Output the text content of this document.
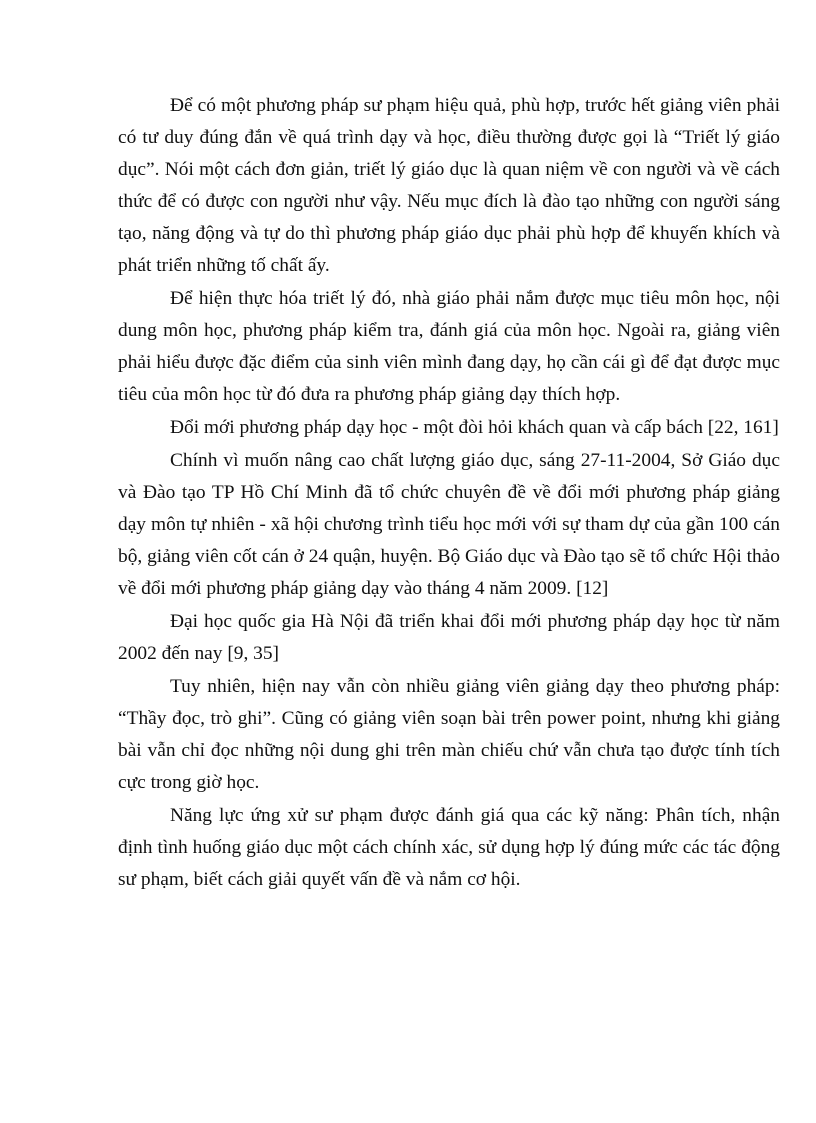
Để có một phương pháp sư phạm hiệu quả, phù hợp, trước hết giảng viên phải có tư duy đúng đắn về quá trình dạy và học, điều thường được gọi là “Triết lý giáo dục”. Nói một cách đơn giản, triết lý giáo dục là quan niệm về con người và về cách thức để có được con người như vậy. Nếu mục đích là đào tạo những con người sáng tạo, năng động và tự do thì phương pháp giáo dục phải phù hợp để khuyến khích và phát triển những tố chất ấy.

Để hiện thực hóa triết lý đó, nhà giáo phải nắm được mục tiêu môn học, nội dung môn học, phương pháp kiểm tra, đánh giá của môn học. Ngoài ra, giảng viên phải hiểu được đặc điểm của sinh viên mình đang dạy, họ cần cái gì để đạt được mục tiêu của môn học từ đó đưa ra phương pháp giảng dạy thích hợp.

Đổi mới phương pháp dạy học - một đòi hỏi khách quan và cấp bách [22, 161]

Chính vì muốn nâng cao chất lượng giáo dục, sáng 27-11-2004, Sở Giáo dục và Đào tạo TP Hồ Chí Minh đã tổ chức chuyên đề về đổi mới phương pháp giảng dạy môn tự nhiên - xã hội chương trình tiểu học mới với sự tham dự của gần 100 cán bộ, giảng viên cốt cán ở 24 quận, huyện. Bộ Giáo dục và Đào tạo sẽ tổ chức Hội thảo về đổi mới phương pháp giảng dạy vào tháng 4 năm 2009. [12]

Đại học quốc gia Hà Nội đã triển khai đổi mới phương pháp dạy học từ năm 2002 đến nay [9, 35]

Tuy nhiên, hiện nay vẫn còn nhiều giảng viên giảng dạy theo phương pháp: “Thầy đọc, trò ghi”. Cũng có giảng viên soạn bài trên power point, nhưng khi giảng bài vẫn chỉ đọc những nội dung ghi trên màn chiếu chứ vẫn chưa tạo được tính tích cực trong giờ học.

Năng lực ứng xử sư phạm được đánh giá qua các kỹ năng: Phân tích, nhận định tình huống giáo dục một cách chính xác, sử dụng hợp lý đúng mức các tác động sư phạm, biết cách giải quyết vấn đề và nắm cơ hội.
